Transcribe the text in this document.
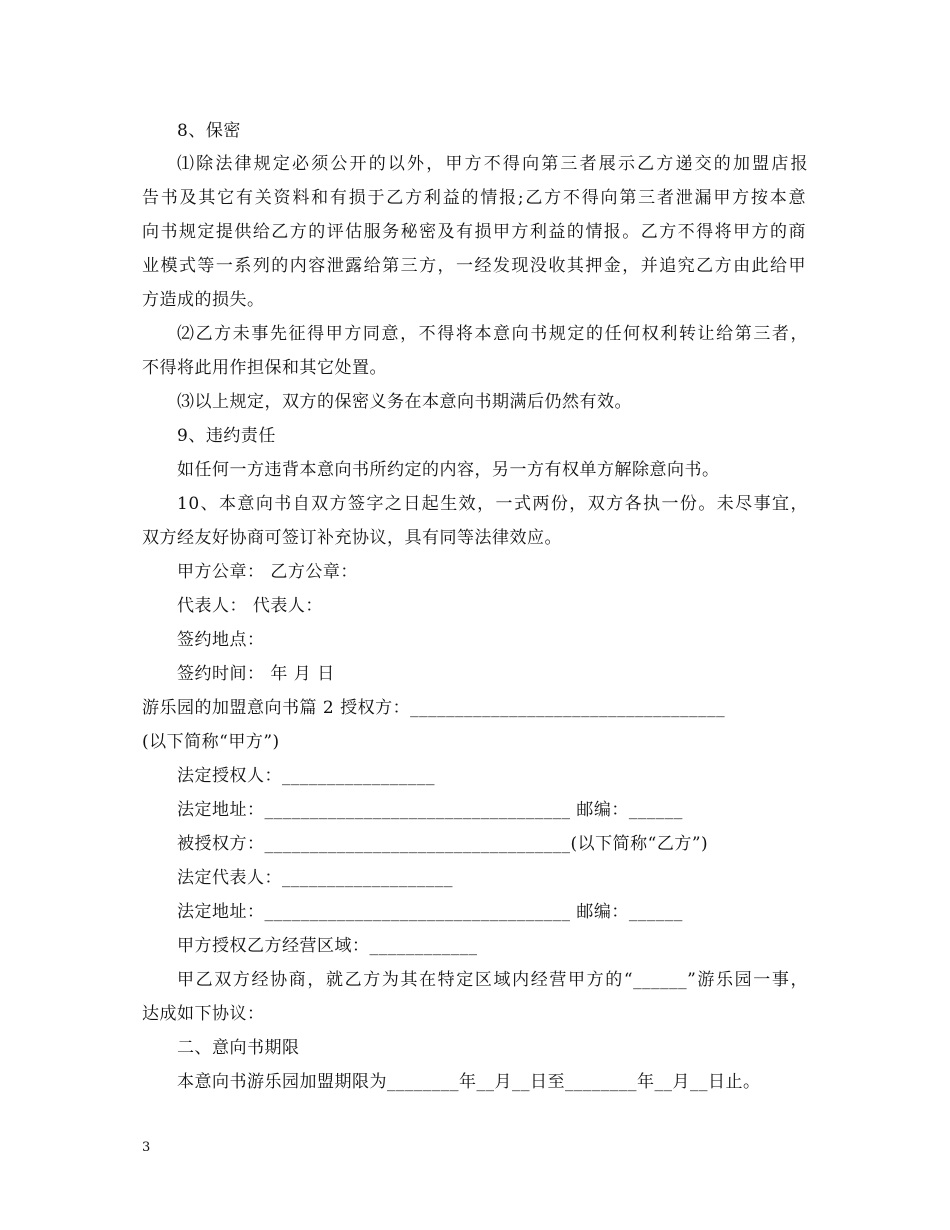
8、保密
⑴除法律规定必须公开的以外，甲方不得向第三者展示乙方递交的加盟店报
告书及其它有关资料和有损于乙方利益的情报;乙方不得向第三者泄漏甲方按本意
向书规定提供给乙方的评估服务秘密及有损甲方利益的情报。乙方不得将甲方的商
业模式等一系列的内容泄露给第三方，一经发现没收其押金，并追究乙方由此给甲
方造成的损失。
⑵乙方未事先征得甲方同意，不得将本意向书规定的任何权利转让给第三者，
不得将此用作担保和其它处置。
⑶以上规定，双方的保密义务在本意向书期满后仍然有效。
9、违约责任
如任何一方违背本意向书所约定的内容，另一方有权单方解除意向书。
10、本意向书自双方签字之日起生效，一式两份，双方各执一份。未尽事宜，
双方经友好协商可签订补充协议，具有同等法律效应。
甲方公章： 乙方公章：
代表人： 代表人：
签约地点：
签约时间： 年 月 日
游乐园的加盟意向书篇 2 授权方：___________________________________
(以下简称“甲方”)
法定授权人：_________________
法定地址：__________________________________ 邮编：______
被授权方：__________________________________(以下简称“乙方”)
法定代表人：___________________
法定地址：__________________________________ 邮编：______
甲方授权乙方经营区域：____________
甲乙双方经协商，就乙方为其在特定区域内经营甲方的“______”游乐园一事，
达成如下协议：
二、意向书期限
本意向书游乐园加盟期限为________年__月__日至________年__月__日止。
3
